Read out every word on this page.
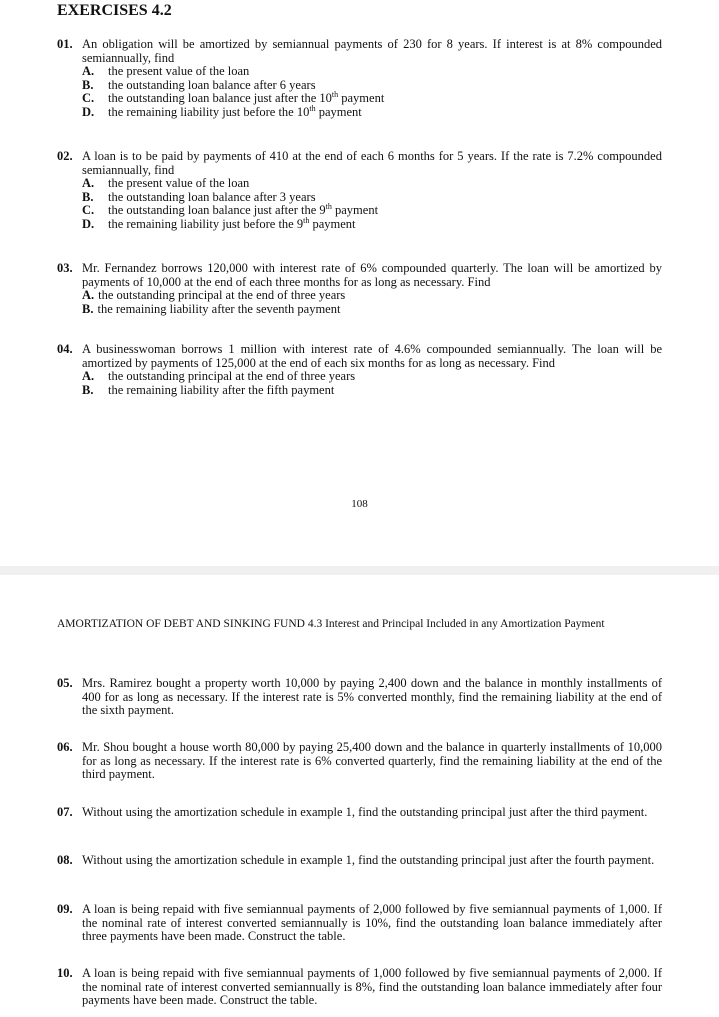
EXERCISES 4.2
01. An obligation will be amortized by semiannual payments of 230 for 8 years. If interest is at 8% compounded semiannually, find
A.	the present value of the loan
B.	the outstanding loan balance after 6 years
C.	the outstanding loan balance just after the 10th payment
D.	the remaining liability just before the 10th payment
02. A loan is to be paid by payments of 410 at the end of each 6 months for 5 years. If the rate is 7.2% compounded semiannually, find
A.	the present value of the loan
B.	the outstanding loan balance after 3 years
C.	the outstanding loan balance just after the 9th payment
D.	the remaining liability just before the 9th payment
03. Mr. Fernandez borrows 120,000 with interest rate of 6% compounded quarterly. The loan will be amortized by payments of 10,000 at the end of each three months for as long as necessary. Find
A. the outstanding principal at the end of three years
B. the remaining liability after the seventh payment
04. A businesswoman borrows 1 million with interest rate of 4.6% compounded semiannually. The loan will be amortized by payments of 125,000 at the end of each six months for as long as necessary. Find
A.	the outstanding principal at the end of three years
B.	the remaining liability after the fifth payment
108
AMORTIZATION OF DEBT AND SINKING FUND 4.3 Interest and Principal Included in any Amortization Payment
05. Mrs. Ramirez bought a property worth 10,000 by paying 2,400 down and the balance in monthly installments of 400 for as long as necessary. If the interest rate is 5% converted monthly, find the remaining liability at the end of the sixth payment.
06. Mr. Shou bought a house worth 80,000 by paying 25,400 down and the balance in quarterly installments of 10,000 for as long as necessary. If the interest rate is 6% converted quarterly, find the remaining liability at the end of the third payment.
07. Without using the amortization schedule in example 1, find the outstanding principal just after the third payment.
08. Without using the amortization schedule in example 1, find the outstanding principal just after the fourth payment.
09. A loan is being repaid with five semiannual payments of 2,000 followed by five semiannual payments of 1,000. If the nominal rate of interest converted semiannually is 10%, find the outstanding loan balance immediately after three payments have been made. Construct the table.
10. A loan is being repaid with five semiannual payments of 1,000 followed by five semiannual payments of 2,000. If the nominal rate of interest converted semiannually is 8%, find the outstanding loan balance immediately after four payments have been made. Construct the table.
